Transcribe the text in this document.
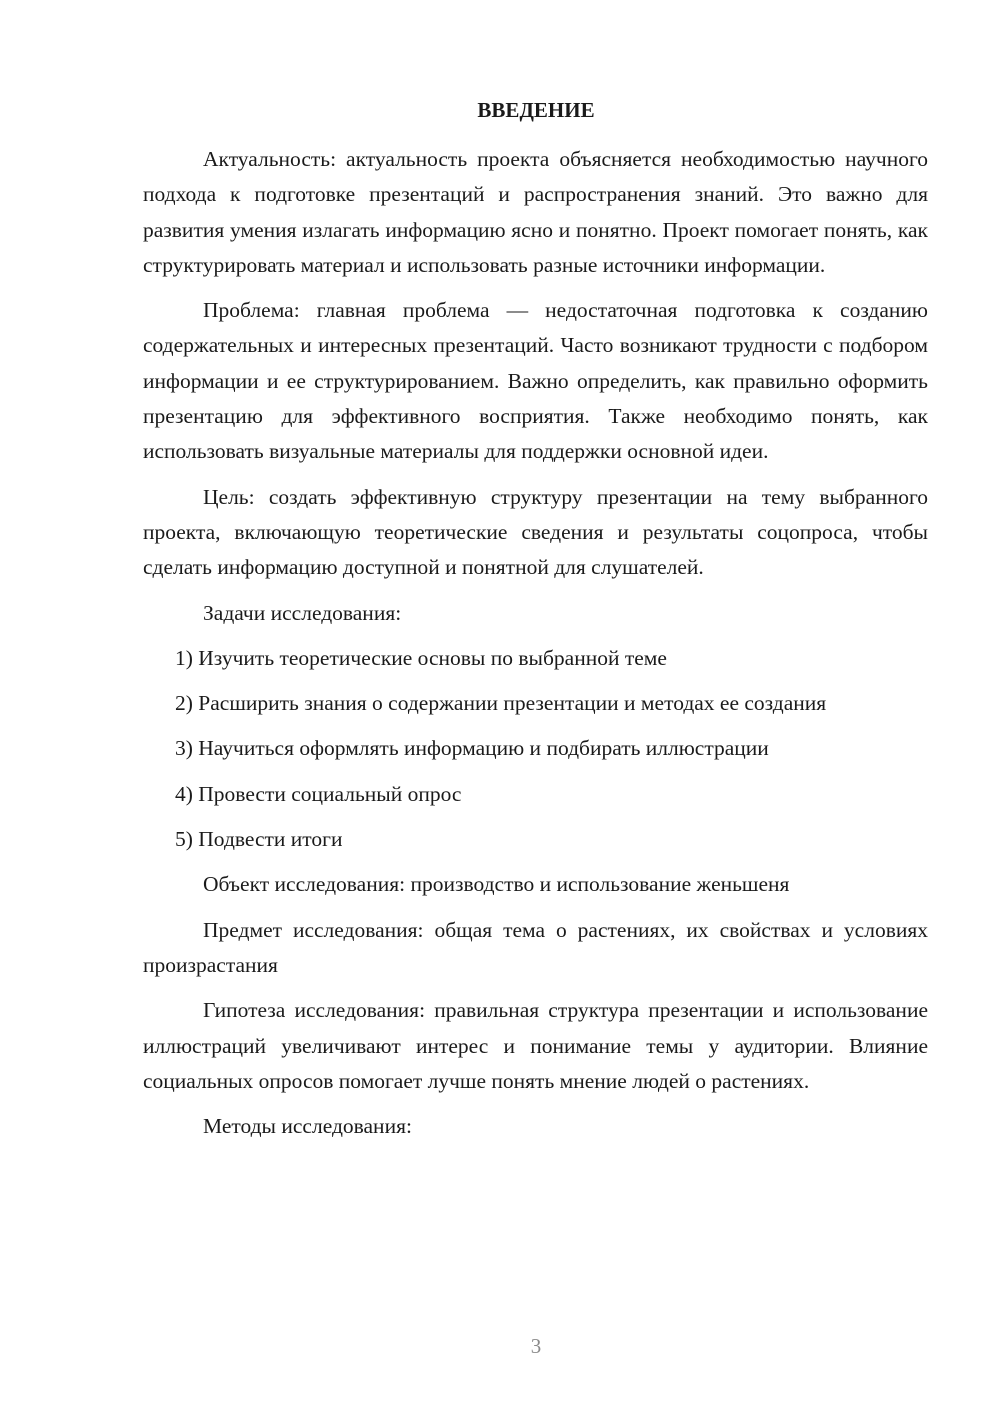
ВВЕДЕНИЕ

Актуальность: актуальность проекта объясняется необходимостью научного подхода к подготовке презентаций и распространения знаний. Это важно для развития умения излагать информацию ясно и понятно. Проект помогает понять, как структурировать материал и использовать разные источники информации.

Проблема: главная проблема — недостаточная подготовка к созданию содержательных и интересных презентаций. Часто возникают трудности с подбором информации и ее структурированием. Важно определить, как правильно оформить презентацию для эффективного восприятия. Также необходимо понять, как использовать визуальные материалы для поддержки основной идеи.

Цель: создать эффективную структуру презентации на тему выбранного проекта, включающую теоретические сведения и результаты соцопроса, чтобы сделать информацию доступной и понятной для слушателей.

Задачи исследования:

1) Изучить теоретические основы по выбранной теме
2) Расширить знания о содержании презентации и методах ее создания
3) Научиться оформлять информацию и подбирать иллюстрации
4) Провести социальный опрос
5) Подвести итоги

Объект исследования: производство и использование женьшеня

Предмет исследования: общая тема о растениях, их свойствах и условиях произрастания

Гипотеза исследования: правильная структура презентации и использование иллюстраций увеличивают интерес и понимание темы у аудитории. Влияние социальных опросов помогает лучше понять мнение людей о растениях.

Методы исследования:

3
